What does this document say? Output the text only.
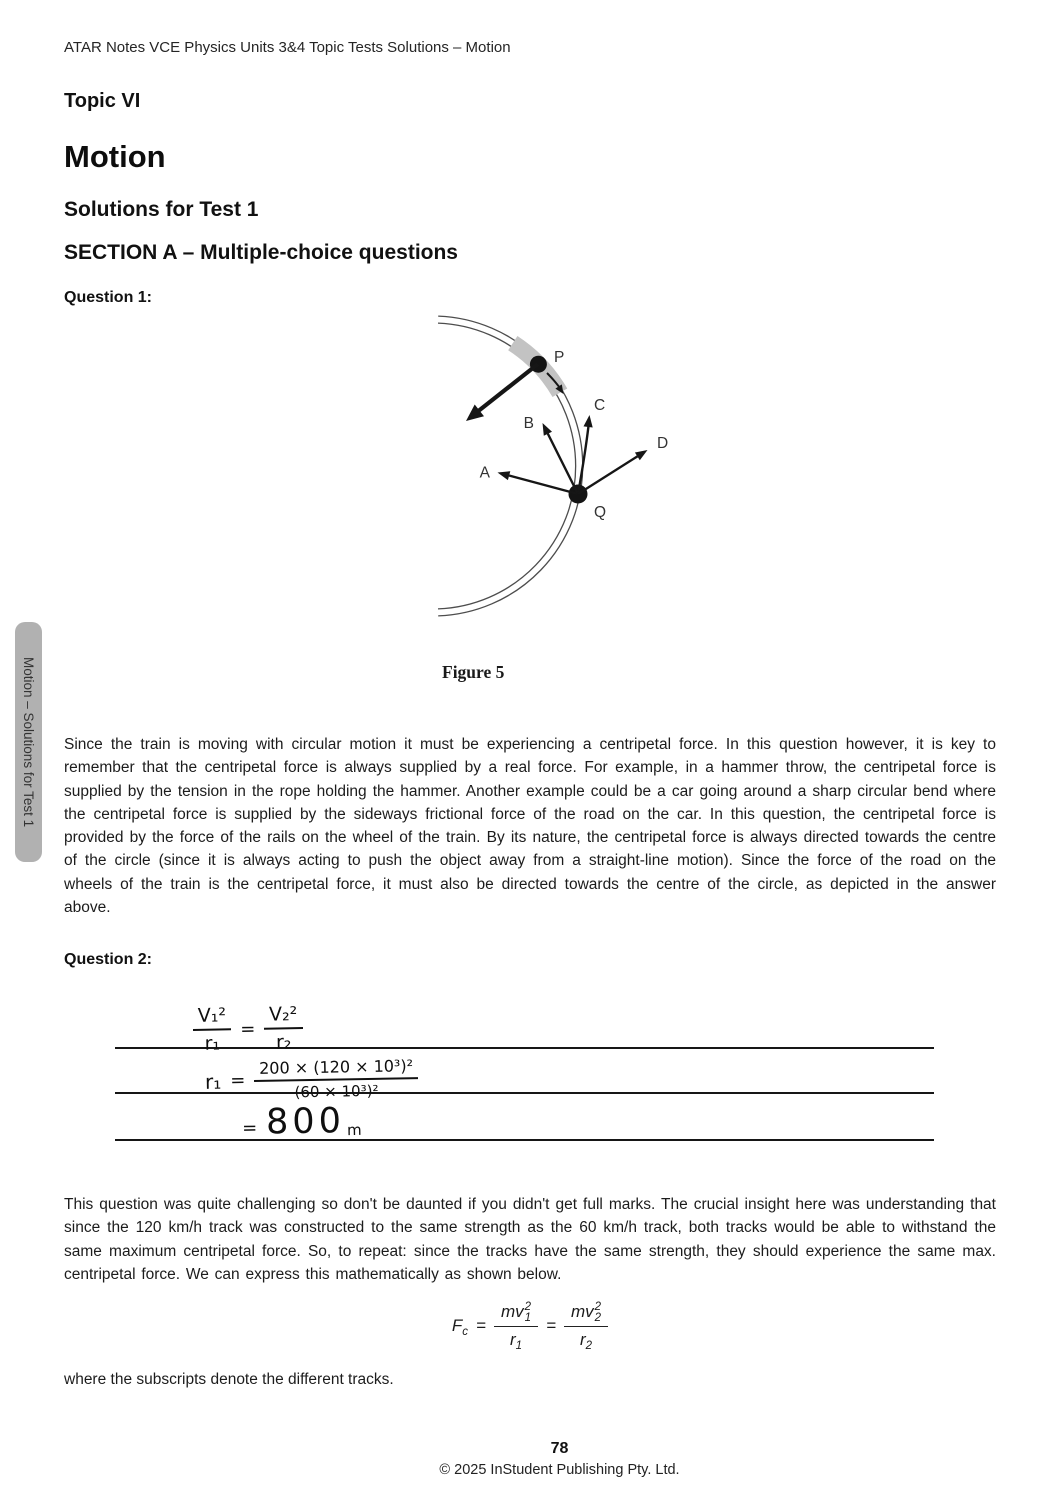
ATAR Notes VCE Physics Units 3&4 Topic Tests Solutions – Motion
Topic VI
Motion
Solutions for Test 1
SECTION A – Multiple-choice questions
Question 1:
P
Q
A
B
C
D
Figure 5
Motion – Solutions for Test 1 Since the train is moving with circular motion it must be experiencing a centripetal force. In this question however, it is key to remember that the centripetal force is always supplied by a real force. For example, in a hammer throw, the centripetal force is supplied by the tension in the rope holding the hammer. Another example could be a car going around a sharp circular bend where the centripetal force is supplied by the sideways frictional force of the road on the car. In this question, the centripetal force is provided by the force of the rails on the wheel of the train. By its nature, the centripetal force is always directed towards the centre of the circle (since it is always acting to push the object away from a straight-line motion). Since the force of the road on the wheels of the train is the centripetal force, it must also be directed towards the centre of the circle, as depicted in the answer above.

Question 2:
$\frac{\text{V₁²}}{\text{r₁}} = \frac{\text{V₂²}}{\text{r₂}}$
$r_1 = \frac{\text{200 × (120 × 10³)²}}{\text{(60 × 10³)²}}$
= 800 m

This question was quite challenging so don't be daunted if you didn't get full marks. The crucial insight here was understanding that since the 120 km/h track was constructed to the same strength as the 60 km/h track, both tracks would be able to withstand the same maximum centripetal force. So, to repeat: since the tracks have the same strength, they should experience the same max. centripetal force. We can express this mathematically as shown below.

$F_c$ = mv 2
1
$r_1$ = mv 2
2
$r_2$

where the subscripts denote the different tracks.

78
© 2025 InStudent Publishing Pty. Ltd.
